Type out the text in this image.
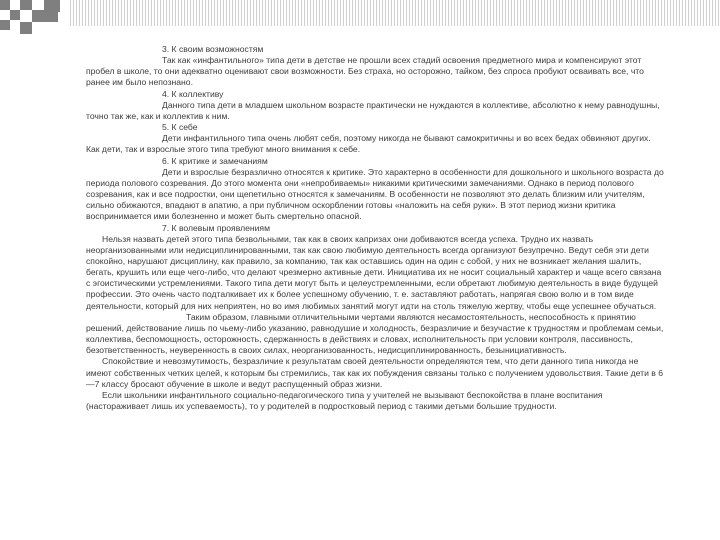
3. К своим возможностям

Так как «инфантильного» типа дети в детстве не прошли всех стадий освоения предметного мира и компенсируют этот пробел в школе, то они адекватно оценивают свои возможности. Без страха, но осторожно, тайком, без спроса пробуют осваивать все, что ранее им было непознано.

4. К коллективу

Данного типа дети в младшем школьном возрасте практически не нуждаются в коллективе, абсолютно к нему равнодушны, точно так же, как и коллектив к ним.

5. К себе

Дети инфантильного типа очень любят себя, поэтому никогда не бывают самокритичны и во всех бедах обвиняют других. Как дети, так и взрослые этого типа требуют много внимания к себе.

6. К критике и замечаниям

Дети и взрослые безразлично относятся к критике. Это характерно в особенности для дошкольного и школьного возраста до периода полового созревания. До этого момента они «непробиваемы» никакими критическими замечаниями. Однако в период полового созревания, как и все подростки, они щепетильно относятся к замечаниям. В особенности не позволяют это делать близким или учителям, сильно обижаются, впадают в апатию, а при публичном оскорблении готовы «наложить на себя руки». В этот период жизни критика воспринимается ими болезненно и может быть смертельно опасной.

7. К волевым проявлениям

Нельзя назвать детей этого типа безвольными, так как в своих капризах они добиваются всегда успеха. Трудно их назвать неорганизованными или недисциплинированными, так как свою любимую деятельность всегда организуют безупречно. Ведут себя эти дети спокойно, нарушают дисциплину, как правило, за компанию, так как оставшись один на один с собой, у них не возникает желания шалить, бегать, крушить или еще чего-либо, что делают чрезмерно активные дети. Инициатива их не носит социальный характер и чаще всего связана с эгоистическими устремлениями. Такого типа дети могут быть и целеустремленными, если обретают любимую деятельность в виде будущей профессии. Это очень часто подталкивает их к более успешному обучению, т. е. заставляют работать, напрягая свою волю и в том виде деятельности, который для них неприятен, но во имя любимых занятий могут идти на столь тяжелую жертву, чтобы еще успешнее обучаться.

Таким образом, главными отличительными чертами являются несамостоятельность, неспособность к принятию решений, действование лишь по чьему-либо указанию, равнодушие и холодность, безразличие и безучастие к трудностям и проблемам семьи, коллектива, беспомощность, осторожность, сдержанность в действиях и словах, исполнительность при условии контроля, пассивность, безответственность, неуверенность в своих силах, неорганизованность, недисциплинированность, безынициативность.

Спокойствие и невозмутимость, безразличие к результатам своей деятельности определяются тем, что дети данного типа никогда не имеют собственных четких целей, к которым бы стремились, так как их побуждения связаны только с получением удовольствия. Такие дети в 6—7 классу бросают обучение в школе и ведут распущенный образ жизни.

Если школьники инфантильного социально-педагогического типа у учителей не вызывают беспокойства в плане воспитания (настораживает лишь их успеваемость), то у родителей в подростковый период с такими детьми большие трудности.
